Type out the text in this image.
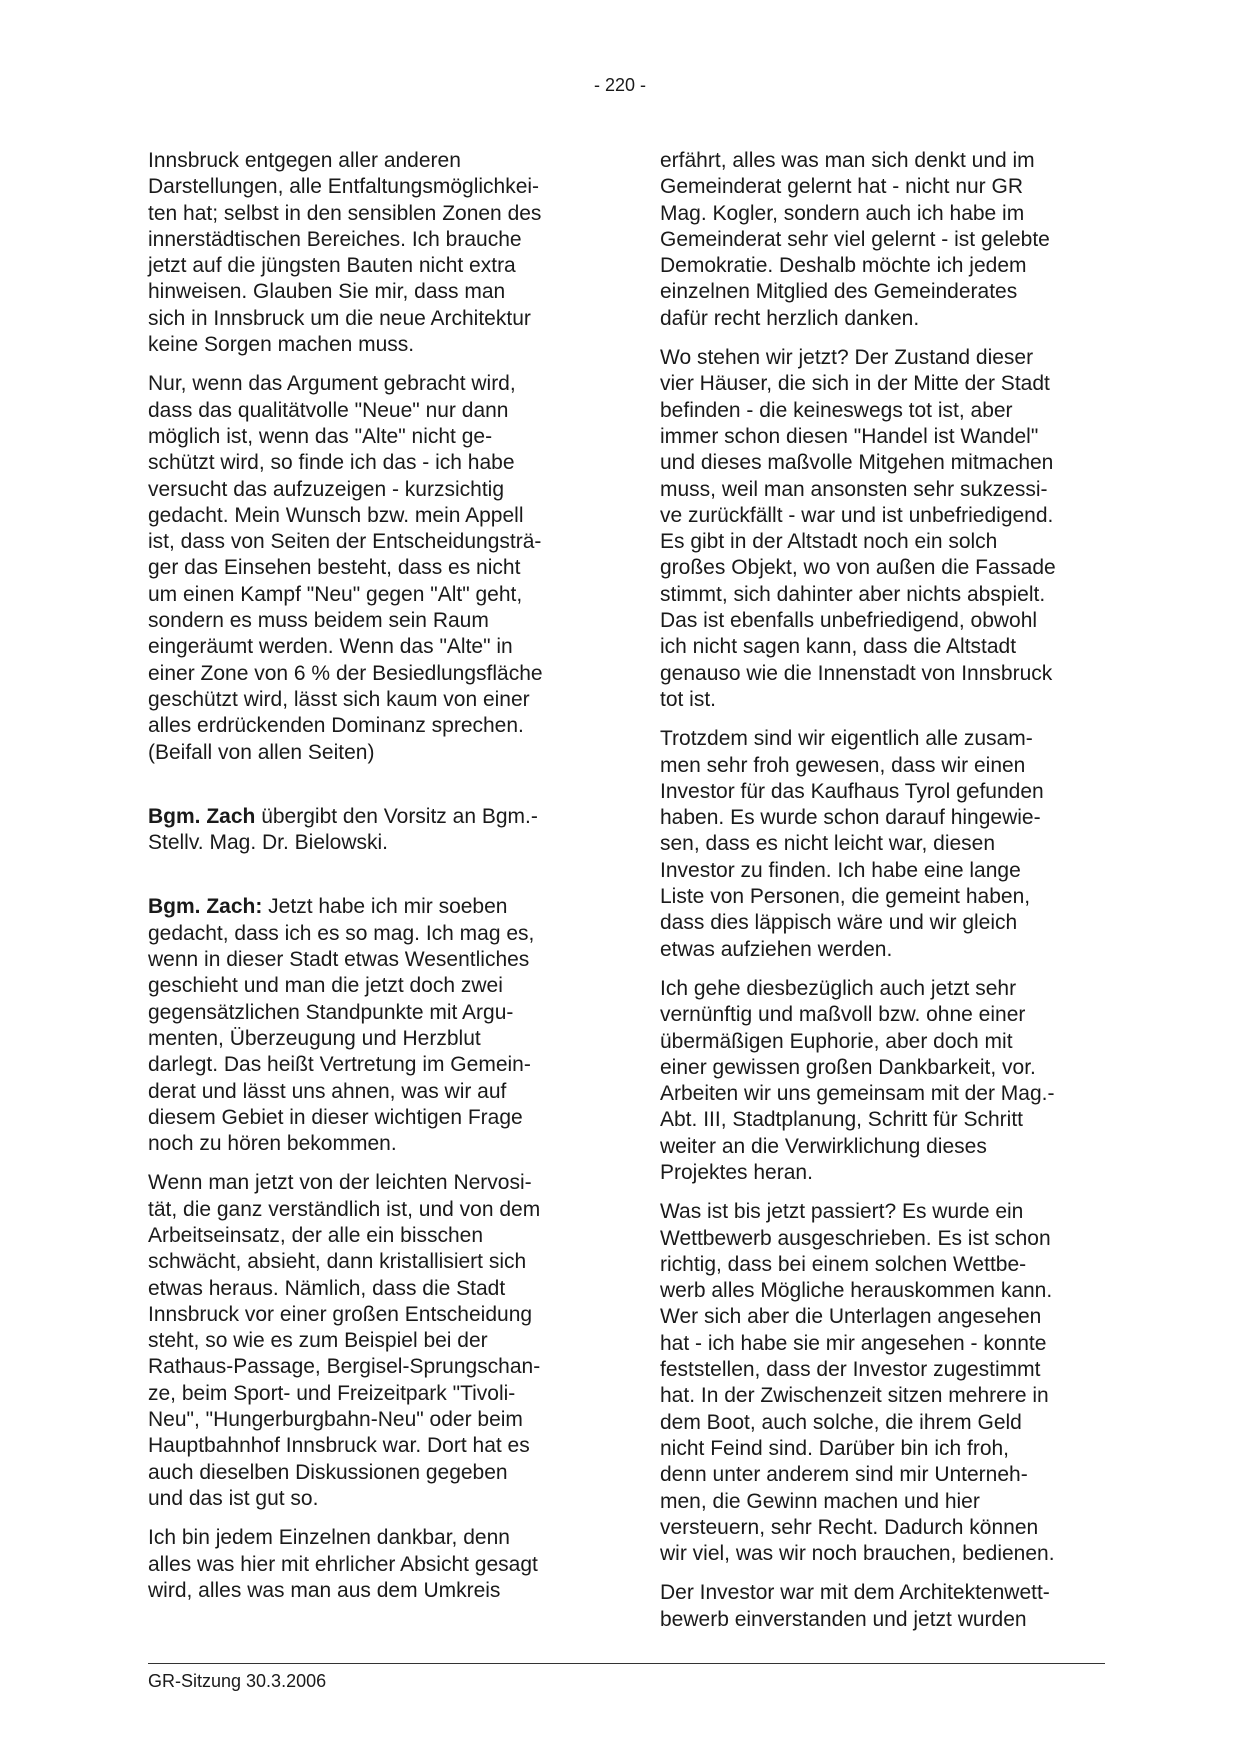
- 220 -
Innsbruck entgegen aller anderen
Darstellungen, alle Entfaltungsmöglichkei-
ten hat; selbst in den sensiblen Zonen des
innerstädtischen Bereiches. Ich brauche
jetzt auf die jüngsten Bauten nicht extra
hinweisen. Glauben Sie mir, dass man
sich in Innsbruck um die neue Architektur
keine Sorgen machen muss.
Nur, wenn das Argument gebracht wird,
dass das qualitätvolle "Neue" nur dann
möglich ist, wenn das "Alte" nicht ge-
schützt wird, so finde ich das - ich habe
versucht das aufzuzeigen - kurzsichtig
gedacht. Mein Wunsch bzw. mein Appell
ist, dass von Seiten der Entscheidungsträ-
ger das Einsehen besteht, dass es nicht
um einen Kampf "Neu" gegen "Alt" geht,
sondern es muss beidem sein Raum
eingeräumt werden. Wenn das "Alte" in
einer Zone von 6 % der Besiedlungsfläche
geschützt wird, lässt sich kaum von einer
alles erdrückenden Dominanz sprechen.
(Beifall von allen Seiten)
Bgm. Zach übergibt den Vorsitz an Bgm.-
Stellv. Mag. Dr. Bielowski.
Bgm. Zach: Jetzt habe ich mir soeben
gedacht, dass ich es so mag. Ich mag es,
wenn in dieser Stadt etwas Wesentliches
geschieht und man die jetzt doch zwei
gegensätzlichen Standpunkte mit Argu-
menten, Überzeugung und Herzblut
darlegt. Das heißt Vertretung im Gemein-
derat und lässt uns ahnen, was wir auf
diesem Gebiet in dieser wichtigen Frage
noch zu hören bekommen.
Wenn man jetzt von der leichten Nervosi-
tät, die ganz verständlich ist, und von dem
Arbeitseinsatz, der alle ein bisschen
schwächt, absieht, dann kristallisiert sich
etwas heraus. Nämlich, dass die Stadt
Innsbruck vor einer großen Entscheidung
steht, so wie es zum Beispiel bei der
Rathaus-Passage, Bergisel-Sprungschan-
ze, beim Sport- und Freizeitpark "Tivoli-
Neu", "Hungerburgbahn-Neu" oder beim
Hauptbahnhof Innsbruck war. Dort hat es
auch dieselben Diskussionen gegeben
und das ist gut so.
Ich bin jedem Einzelnen dankbar, denn
alles was hier mit ehrlicher Absicht gesagt
wird, alles was man aus dem Umkreis
erfährt, alles was man sich denkt und im
Gemeinderat gelernt hat - nicht nur GR
Mag. Kogler, sondern auch ich habe im
Gemeinderat sehr viel gelernt - ist gelebte
Demokratie. Deshalb möchte ich jedem
einzelnen Mitglied des Gemeinderates
dafür recht herzlich danken.
Wo stehen wir jetzt? Der Zustand dieser
vier Häuser, die sich in der Mitte der Stadt
befinden - die keineswegs tot ist, aber
immer schon diesen "Handel ist Wandel"
und dieses maßvolle Mitgehen mitmachen
muss, weil man ansonsten sehr sukzessi-
ve zurückfällt - war und ist unbefriedigend.
Es gibt in der Altstadt noch ein solch
großes Objekt, wo von außen die Fassade
stimmt, sich dahinter aber nichts abspielt.
Das ist ebenfalls unbefriedigend, obwohl
ich nicht sagen kann, dass die Altstadt
genauso wie die Innenstadt von Innsbruck
tot ist.
Trotzdem sind wir eigentlich alle zusam-
men sehr froh gewesen, dass wir einen
Investor für das Kaufhaus Tyrol gefunden
haben. Es wurde schon darauf hingewie-
sen, dass es nicht leicht war, diesen
Investor zu finden. Ich habe eine lange
Liste von Personen, die gemeint haben,
dass dies läppisch wäre und wir gleich
etwas aufziehen werden.
Ich gehe diesbezüglich auch jetzt sehr
vernünftig und maßvoll bzw. ohne einer
übermäßigen Euphorie, aber doch mit
einer gewissen großen Dankbarkeit, vor.
Arbeiten wir uns gemeinsam mit der Mag.-
Abt. III, Stadtplanung, Schritt für Schritt
weiter an die Verwirklichung dieses
Projektes heran.
Was ist bis jetzt passiert? Es wurde ein
Wettbewerb ausgeschrieben. Es ist schon
richtig, dass bei einem solchen Wettbe-
werb alles Mögliche herauskommen kann.
Wer sich aber die Unterlagen angesehen
hat - ich habe sie mir angesehen - konnte
feststellen, dass der Investor zugestimmt
hat. In der Zwischenzeit sitzen mehrere in
dem Boot, auch solche, die ihrem Geld
nicht Feind sind. Darüber bin ich froh,
denn unter anderem sind mir Unterneh-
men, die Gewinn machen und hier
versteuern, sehr Recht. Dadurch können
wir viel, was wir noch brauchen, bedienen.
Der Investor war mit dem Architektenwett-
bewerb einverstanden und jetzt wurden
GR-Sitzung 30.3.2006
